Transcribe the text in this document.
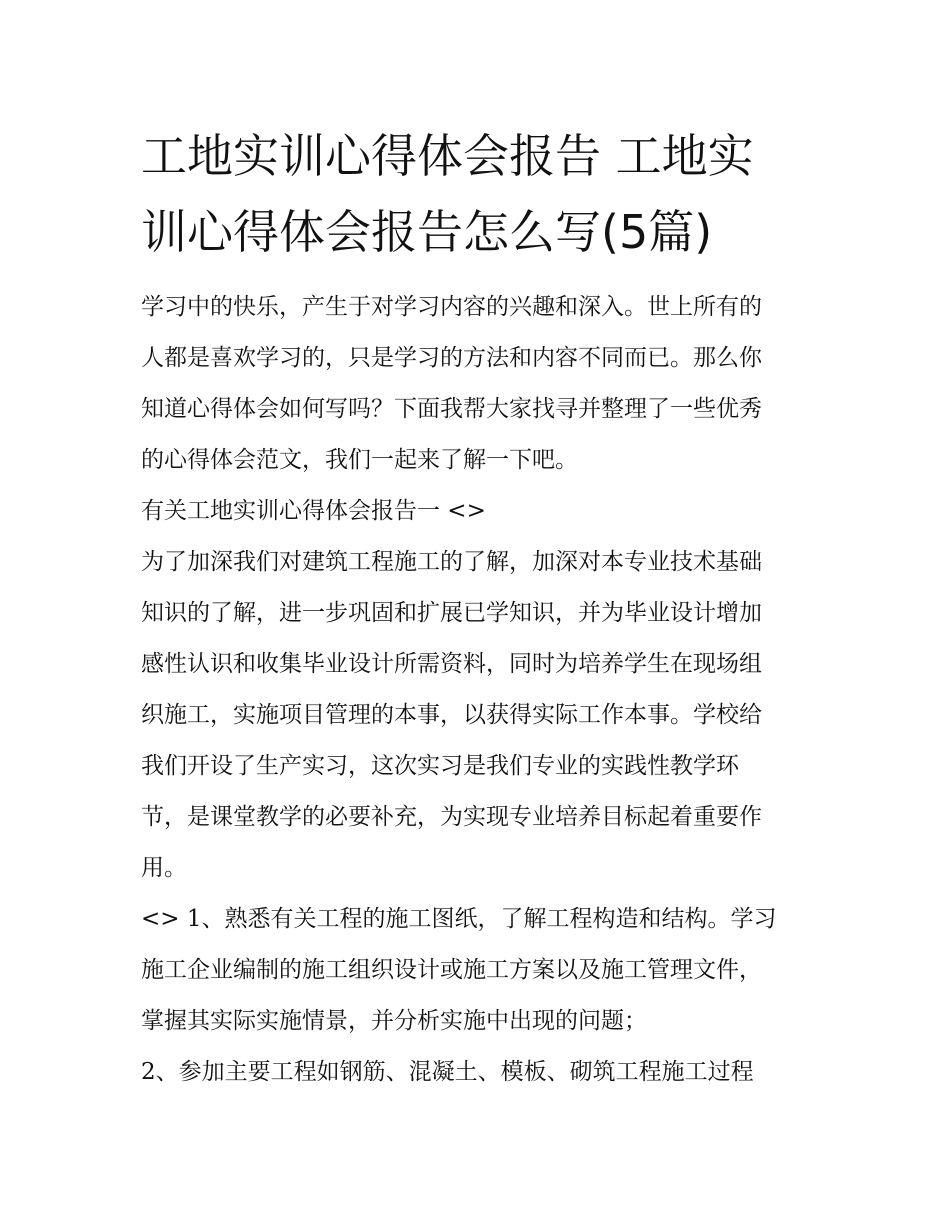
工地实训心得体会报告 工地实
训心得体会报告怎么写(5篇)

学习中的快乐，产生于对学习内容的兴趣和深入。世上所有的
人都是喜欢学习的，只是学习的方法和内容不同而已。那么你
知道心得体会如何写吗？下面我帮大家找寻并整理了一些优秀
的心得体会范文，我们一起来了解一下吧。

有关工地实训心得体会报告一 <>

为了加深我们对建筑工程施工的了解，加深对本专业技术基础
知识的了解，进一步巩固和扩展已学知识，并为毕业设计增加
感性认识和收集毕业设计所需资料，同时为培养学生在现场组
织施工，实施项目管理的本事，以获得实际工作本事。学校给
我们开设了生产实习，这次实习是我们专业的实践性教学环
节，是课堂教学的必要补充，为实现专业培养目标起着重要作
用。

<> 1、熟悉有关工程的施工图纸，了解工程构造和结构。学习
施工企业编制的施工组织设计或施工方案以及施工管理文件，
掌握其实际实施情景，并分析实施中出现的问题；

2、参加主要工程如钢筋、混凝土、模板、砌筑工程施工过程
